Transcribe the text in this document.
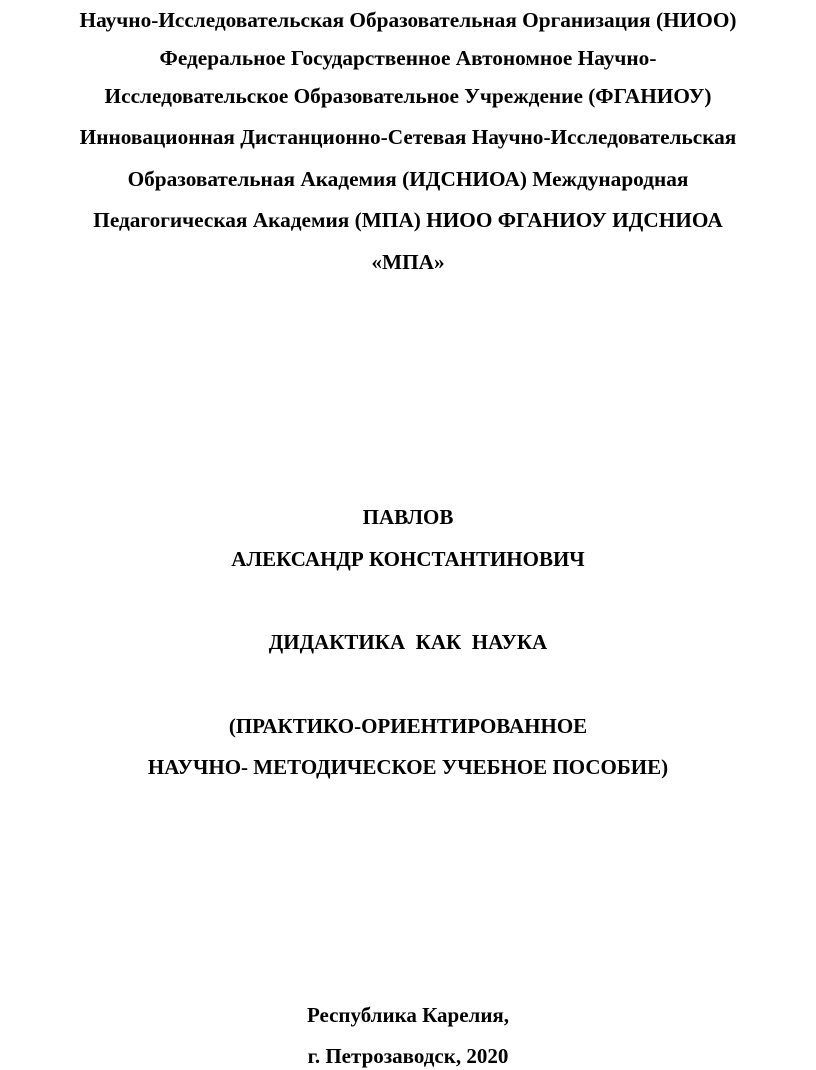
Научно-Исследовательская Образовательная Организация (НИОО)
Федеральное Государственное Автономное Научно-
Исследовательское Образовательное Учреждение (ФГАНИОУ)
Инновационная Дистанционно-Сетевая Научно-Исследовательская
Образовательная Академия (ИДСНИОА) Международная
Педагогическая Академия (МПА) НИОО ФГАНИОУ ИДСНИОА
«МПА»
ПАВЛОВ
АЛЕКСАНДР КОНСТАНТИНОВИЧ
ДИДАКТИКА  КАК  НАУКА
(ПРАКТИКО-ОРИЕНТИРОВАННОЕ
НАУЧНО- МЕТОДИЧЕСКОЕ УЧЕБНОЕ ПОСОБИЕ)
Республика Карелия,
г. Петрозаводск, 2020
